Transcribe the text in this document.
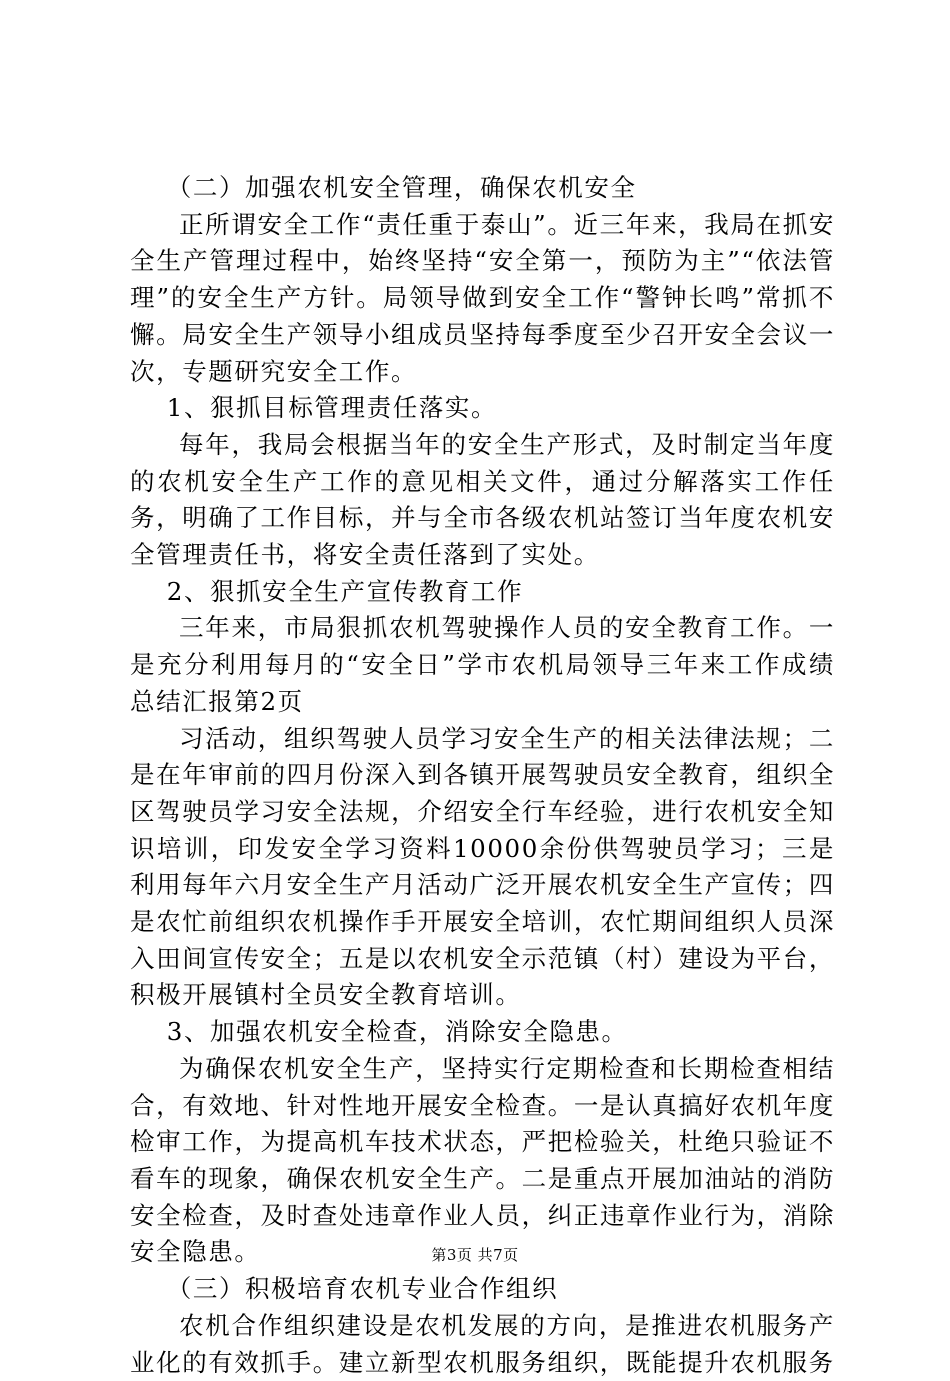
（二）加强农机安全管理，确保农机安全

正所谓安全工作“责任重于泰山”。近三年来，我局在抓安全生产管理过程中，始终坚持“安全第一，预防为主”“依法管理”的安全生产方针。局领导做到安全工作“警钟长鸣”常抓不懈。局安全生产领导小组成员坚持每季度至少召开安全会议一次，专题研究安全工作。

1、狠抓目标管理责任落实。

每年，我局会根据当年的安全生产形式，及时制定当年度的农机安全生产工作的意见相关文件，通过分解落实工作任务，明确了工作目标，并与全市各级农机站签订当年度农机安全管理责任书，将安全责任落到了实处。

2、狠抓安全生产宣传教育工作

三年来，市局狠抓农机驾驶操作人员的安全教育工作。一是充分利用每月的“安全日”学市农机局领导三年来工作成绩总结汇报第2页

习活动，组织驾驶人员学习安全生产的相关法律法规；二是在年审前的四月份深入到各镇开展驾驶员安全教育，组织全区驾驶员学习安全法规，介绍安全行车经验，进行农机安全知识培训，印发安全学习资料10000余份供驾驶员学习；三是利用每年六月安全生产月活动广泛开展农机安全生产宣传；四是农忙前组织农机操作手开展安全培训，农忙期间组织人员深入田间宣传安全；五是以农机安全示范镇（村）建设为平台，积极开展镇村全员安全教育培训。

3、加强农机安全检查，消除安全隐患。

为确保农机安全生产，坚持实行定期检查和长期检查相结合，有效地、针对性地开展安全检查。一是认真搞好农机年度检审工作，为提高机车技术状态，严把检验关，杜绝只验证不看车的现象，确保农机安全生产。二是重点开展加油站的消防安全检查，及时查处违章作业人员，纠正违章作业行为，消除安全隐患。

（三）积极培育农机专业合作组织

农机合作组织建设是农机发展的方向，是推进农机服务产业化的有效抓手。建立新型农机服务组织，既能提升农机服务

第3页 共7页
